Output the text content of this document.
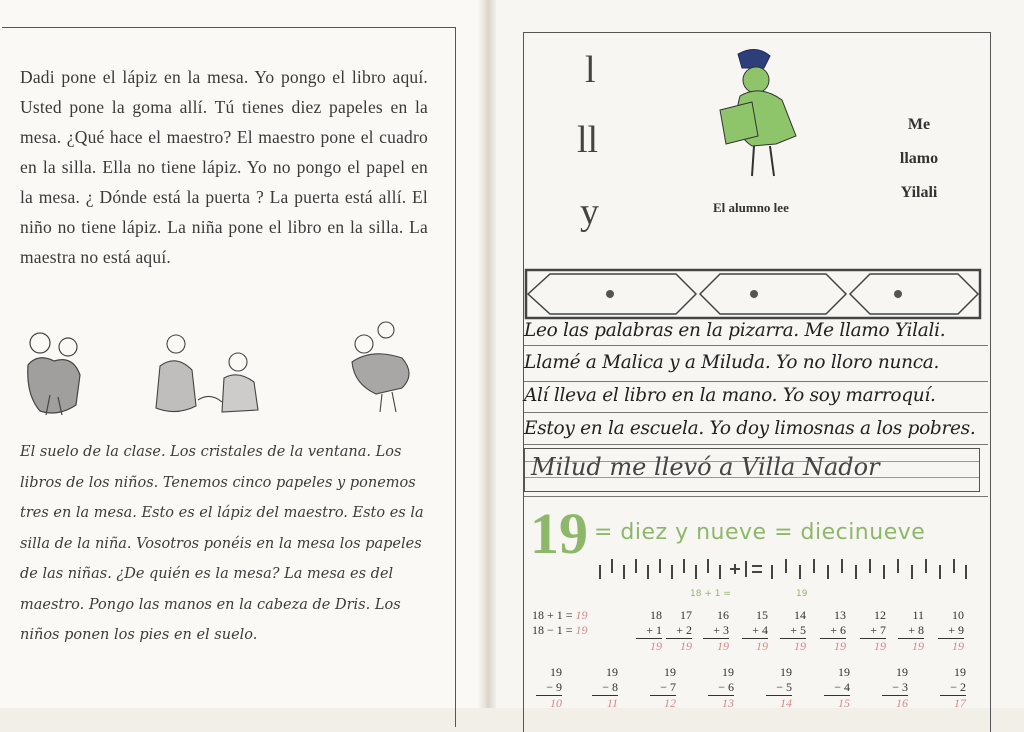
Dadi pone el lápiz en la mesa. Yo pongo el libro aquí. Usted pone la goma allí. Tú tienes diez papeles en la mesa. ¿Qué hace el maestro? El maestro pone el cuadro en la silla. Ella no tiene lápiz. Yo no pongo el papel en la mesa. ¿ Dónde está la puerta ? La puerta está allí. El niño no tiene lápiz. La niña pone el libro en la silla. La maestra no está aquí.

El suelo de la clase. Los cristales de la ventana. Los libros de los niños. Tenemos cinco papeles y ponemos tres en la mesa. Esto es el lápiz del maestro. Esto es la silla de la niña. Vosotros ponéis en la mesa los papeles de las niñas. ¿De quién es la mesa? La mesa es del maestro. Pongo las manos en la cabeza de Dris. Los niños ponen los pies en el suelo.

l
ll
y	El alumno lee
Me
llamo
Yilali
Leo las palabras en la pizarra. Me llamo Yilali.
Llamé a Malica y a Miluda. Yo no lloro nunca.
Alí lleva el libro en la mano. Yo soy marroquí.
Estoy en la escuela. Yo doy limosnas a los pobres.
Milud me llevó a Villa Nador
19 = diez y nueve = diecinueve
18 + 1 =	19
18 + 1 = 19
18 − 1 = 19
18
+ 1
19
17
+ 2
19
16
+ 3
19
15
+ 4
19
14
+ 5
19
13
+ 6
19
12
+ 7
19
11
+ 8
19
10
+ 9
19
19
− 9
10
19
− 8
11
19
− 7
12
19
− 6
13
19
− 5
14
19
− 4
15
19
− 3
16
19
− 2
17
